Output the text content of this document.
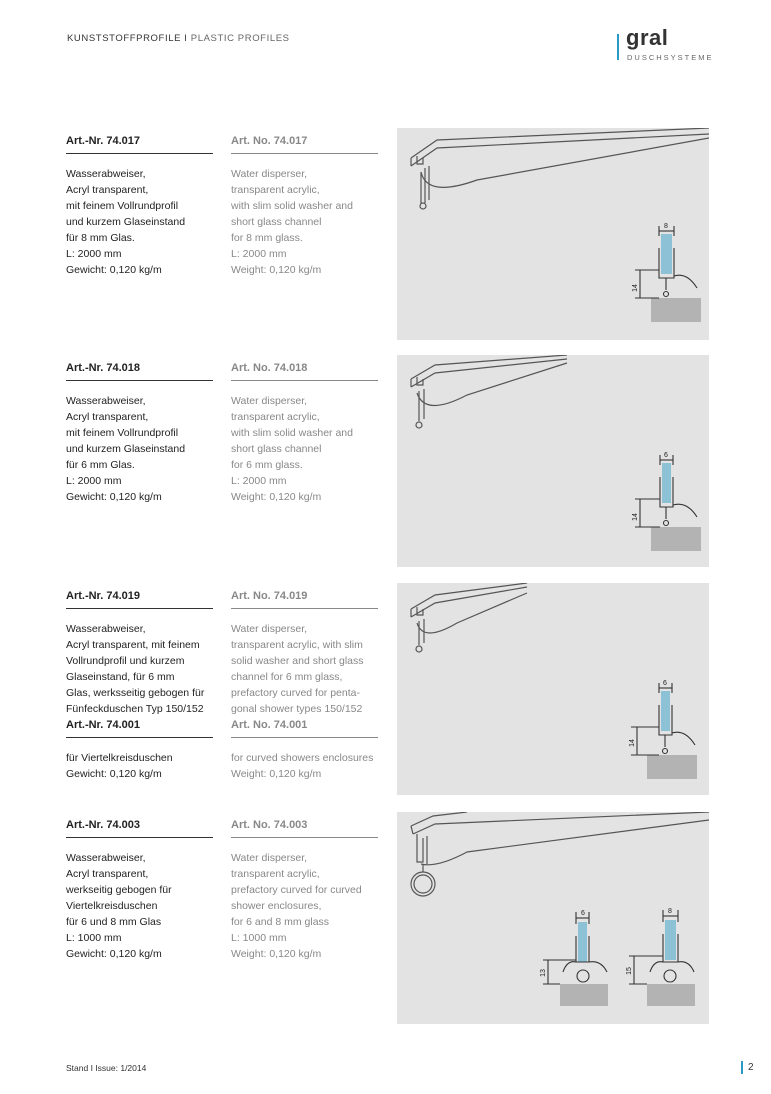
KUNSTSTOFFPROFILE I PLASTIC PROFILES	gral
DUSCHSYSTEME
Art.-Nr. 74.017
Wasserabweiser,
Acryl transparent,
mit feinem Vollrundprofil
und kurzem Glaseinstand
für 8 mm Glas.
L: 2000 mm
Gewicht: 0,120 kg/m
Art. No. 74.017
Water disperser,
transparent acrylic,
with slim solid washer and
short glass channel
for 8 mm glass.
L: 2000 mm
Weight: 0,120 kg/m
8
14
Art.-Nr. 74.018
Wasserabweiser,
Acryl transparent,
mit feinem Vollrundprofil
und kurzem Glaseinstand
für 6 mm Glas.
L: 2000 mm
Gewicht: 0,120 kg/m
Art. No. 74.018
Water disperser,
transparent acrylic,
with slim solid washer and
short glass channel
for 6 mm glass.
L: 2000 mm
Weight: 0,120 kg/m
6
14
Art.-Nr. 74.019
Wasserabweiser,
Acryl transparent, mit feinem
Vollrundprofil und kurzem
Glaseinstand, für 6 mm
Glas, werksseitig gebogen für
Fünfeckduschen Typ 150/152
Art.-Nr. 74.001
für Viertelkreisduschen
Gewicht: 0,120 kg/m
Art. No. 74.019
Water disperser,
transparent acrylic, with slim
solid washer and short glass
channel for 6 mm glass,
prefactory curved for penta-
gonal shower types 150/152
Art. No. 74.001
for curved showers enclosures
Weight: 0,120 kg/m
6
14
Art.-Nr. 74.003
Wasserabweiser,
Acryl transparent,
werkseitig gebogen für
Viertelkreisduschen
für 6 und 8 mm Glas
L: 1000 mm
Gewicht: 0,120 kg/m
Art. No. 74.003
Water disperser,
transparent acrylic,
prefactory curved for curved
shower enclosures,
for 6 and 8 mm glass
L: 1000 mm
Weight: 0,120 kg/m
6
13
8
15
Stand I Issue: 1/2014	2
